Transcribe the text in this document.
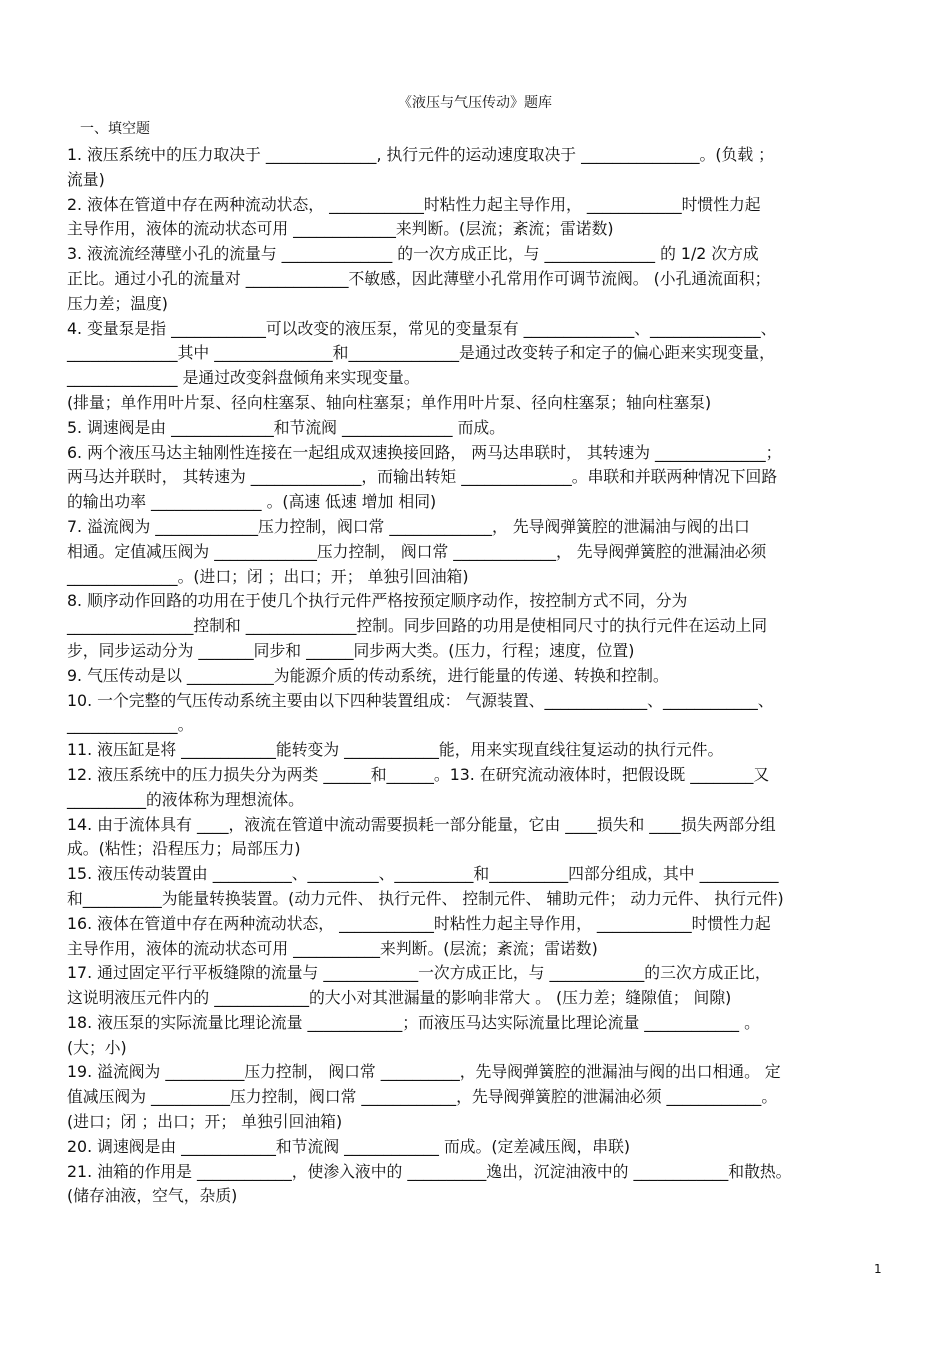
《液压与气压传动》题库
一、填空题
1. 液压系统中的压力取决于 ______________, 执行元件的运动速度取决于 _______________。(负载 ；
流量)
2. 液体在管道中存在两种流动状态， ____________时粘性力起主导作用， ____________时惯性力起
主导作用，液体的流动状态可用 _____________来判断。(层流；紊流；雷诺数)
3. 液流流经薄壁小孔的流量与 ______________ 的一次方成正比，与 ______________ 的 1/2 次方成
正比。通过小孔的流量对 _____________不敏感，因此薄壁小孔常用作可调节流阀。 (小孔通流面积；
压力差；温度)
4. 变量泵是指 ____________可以改变的液压泵，常见的变量泵有 ______________、______________、
______________其中 _______________和______________是通过改变转子和定子的偏心距来实现变量，
______________ 是通过改变斜盘倾角来实现变量。
(排量；单作用叶片泵、径向柱塞泵、轴向柱塞泵；单作用叶片泵、径向柱塞泵；轴向柱塞泵)
5. 调速阀是由 _____________和节流阀 ______________ 而成。
6. 两个液压马达主轴刚性连接在一起组成双速换接回路， 两马达串联时， 其转速为 ______________；
两马达并联时， 其转速为 ______________，而输出转矩 ______________。串联和并联两种情况下回路
的输出功率 ______________ 。(高速 低速 增加 相同)
7. 溢流阀为 _____________压力控制，阀口常 _____________， 先导阀弹簧腔的泄漏油与阀的出口
相通。定值减压阀为 _____________压力控制， 阀口常 _____________， 先导阀弹簧腔的泄漏油必须
______________。(进口；闭 ；出口；开； 单独引回油箱)
8. 顺序动作回路的功用在于使几个执行元件严格按预定顺序动作，按控制方式不同，分为
________________控制和 ______________控制。同步回路的功用是使相同尺寸的执行元件在运动上同
步，同步运动分为 _______同步和 ______同步两大类。(压力，行程；速度，位置)
9. 气压传动是以 ___________为能源介质的传动系统，进行能量的传递、转换和控制。
10. 一个完整的气压传动系统主要由以下四种装置组成： 气源装置、_____________、____________、
______________。
11. 液压缸是将 ____________能转变为 ____________能，用来实现直线往复运动的执行元件。
12. 液压系统中的压力损失分为两类 ______和______。13. 在研究流动液体时，把假设既 ________又
__________的液体称为理想流体。
14. 由于流体具有 ____，液流在管道中流动需要损耗一部分能量，它由 ____损失和 ____损失两部分组
成。(粘性；沿程压力；局部压力)
15. 液压传动装置由 __________、_________、__________和__________四部分组成，其中 __________
和__________为能量转换装置。(动力元件、 执行元件、 控制元件、 辅助元件； 动力元件、 执行元件)
16. 液体在管道中存在两种流动状态， ____________时粘性力起主导作用， ____________时惯性力起
主导作用，液体的流动状态可用 ___________来判断。(层流；紊流；雷诺数)
17. 通过固定平行平板缝隙的流量与 ____________一次方成正比，与 ____________的三次方成正比，
这说明液压元件内的 ____________的大小对其泄漏量的影响非常大 。 (压力差；缝隙值； 间隙)
18. 液压泵的实际流量比理论流量 ____________；而液压马达实际流量比理论流量 ____________ 。
(大；小)
19. 溢流阀为 __________压力控制， 阀口常 __________，先导阀弹簧腔的泄漏油与阀的出口相通。 定
值减压阀为 __________压力控制，阀口常 ____________，先导阀弹簧腔的泄漏油必须 ____________。
(进口；闭 ；出口；开； 单独引回油箱)
20. 调速阀是由 ____________和节流阀 ____________ 而成。(定差减压阀，串联)
21. 油箱的作用是 ____________，使渗入液中的 __________逸出，沉淀油液中的 ____________和散热。
(储存油液，空气，杂质)
1
